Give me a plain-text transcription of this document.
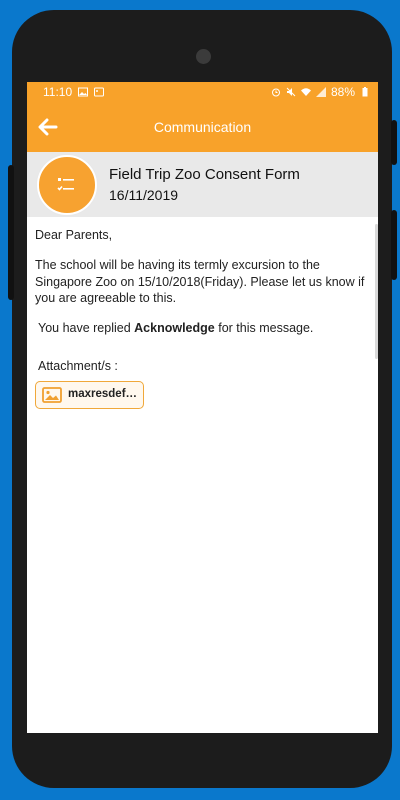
11:10	88%
Communication
Field Trip Zoo Consent Form
16/11/2019

Dear Parents,

The school will be having its termly excursion to the Singapore Zoo on 15/10/2018(Friday). Please let us know if you are agreeable to this.

You have replied Acknowledge for this message.
Attachment/s :
maxresdef…
